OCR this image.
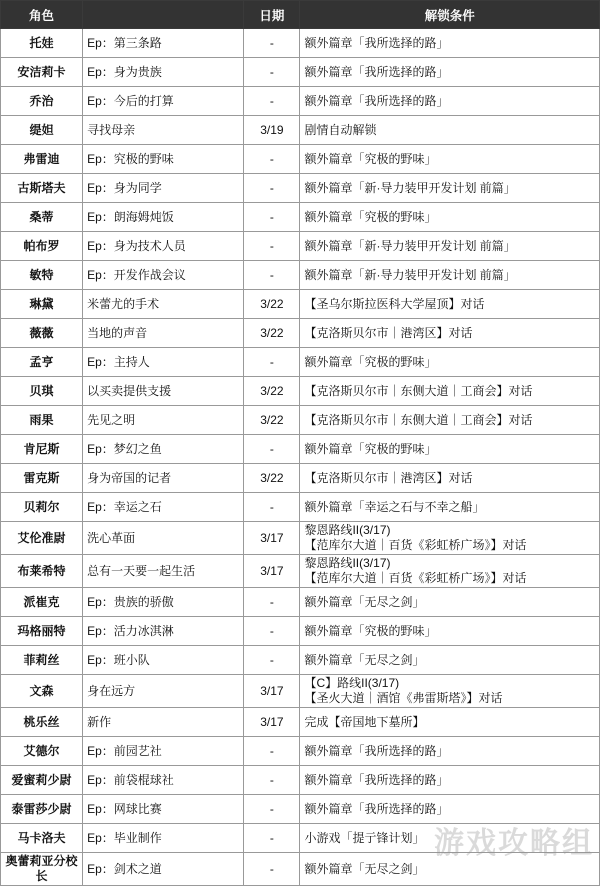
角色		日期	解锁条件
托娃	Ep：第三条路	-	额外篇章「我所选择的路」

安洁莉卡	Ep：身为贵族	-	额外篇章「我所选择的路」

乔治	Ep：今后的打算	-	额外篇章「我所选择的路」

缇妲	寻找母亲	3/19	剧情自动解锁

弗雷迪	Ep：究极的野味	-	额外篇章「究极的野味」

古斯塔夫	Ep：身为同学	-	额外篇章「新·导力装甲开发计划 前篇」

桑蒂	Ep：朗海姆炖饭	-	额外篇章「究极的野味」

帕布罗	Ep：身为技术人员	-	额外篇章「新·导力装甲开发计划 前篇」

敏特	Ep：开发作战会议	-	额外篇章「新·导力装甲开发计划 前篇」

琳黛	米蕾尤的手术	3/22	【圣乌尔斯拉医科大学屋顶】对话

薇薇	当地的声音	3/22	【克洛斯贝尔市｜港湾区】对话

孟亨	Ep：主持人	-	额外篇章「究极的野味」

贝琪	以买卖提供支援	3/22	【克洛斯贝尔市｜东侧大道｜工商会】对话

雨果	先见之明	3/22	【克洛斯贝尔市｜东侧大道｜工商会】对话

肯尼斯	Ep：梦幻之鱼	-	额外篇章「究极的野味」

雷克斯	身为帝国的记者	3/22	【克洛斯贝尔市｜港湾区】对话

贝莉尔	Ep：幸运之石	-	额外篇章「幸运之石与不幸之船」

艾伦准尉	洗心革面	3/17	黎恩路线II(3/17)
【范库尔大道｜百货《彩虹桥广场》】对话

布莱希特	总有一天要一起生活	3/17	黎恩路线II(3/17)
【范库尔大道｜百货《彩虹桥广场》】对话

派崔克	Ep：贵族的骄傲	-	额外篇章「无尽之剑」

玛格丽特	Ep：活力冰淇淋	-	额外篇章「究极的野味」

菲莉丝	Ep：班小队	-	额外篇章「无尽之剑」

文森	身在远方	3/17	【C】路线II(3/17)
【圣火大道｜酒馆《弗雷斯塔》】对话

桃乐丝	新作	3/17	完成【帝国地下墓所】

艾德尔	Ep：前园艺社	-	额外篇章「我所选择的路」

爱蜜莉少尉	Ep：前袋棍球社	-	额外篇章「我所选择的路」

泰雷莎少尉	Ep：网球比赛	-	额外篇章「我所选择的路」

马卡洛夫	Ep：毕业制作	-	小游戏「提亍锋计划」

奥蕾莉亚分校长	Ep：剑术之道	-	额外篇章「无尽之剑」
游戏攻略组
